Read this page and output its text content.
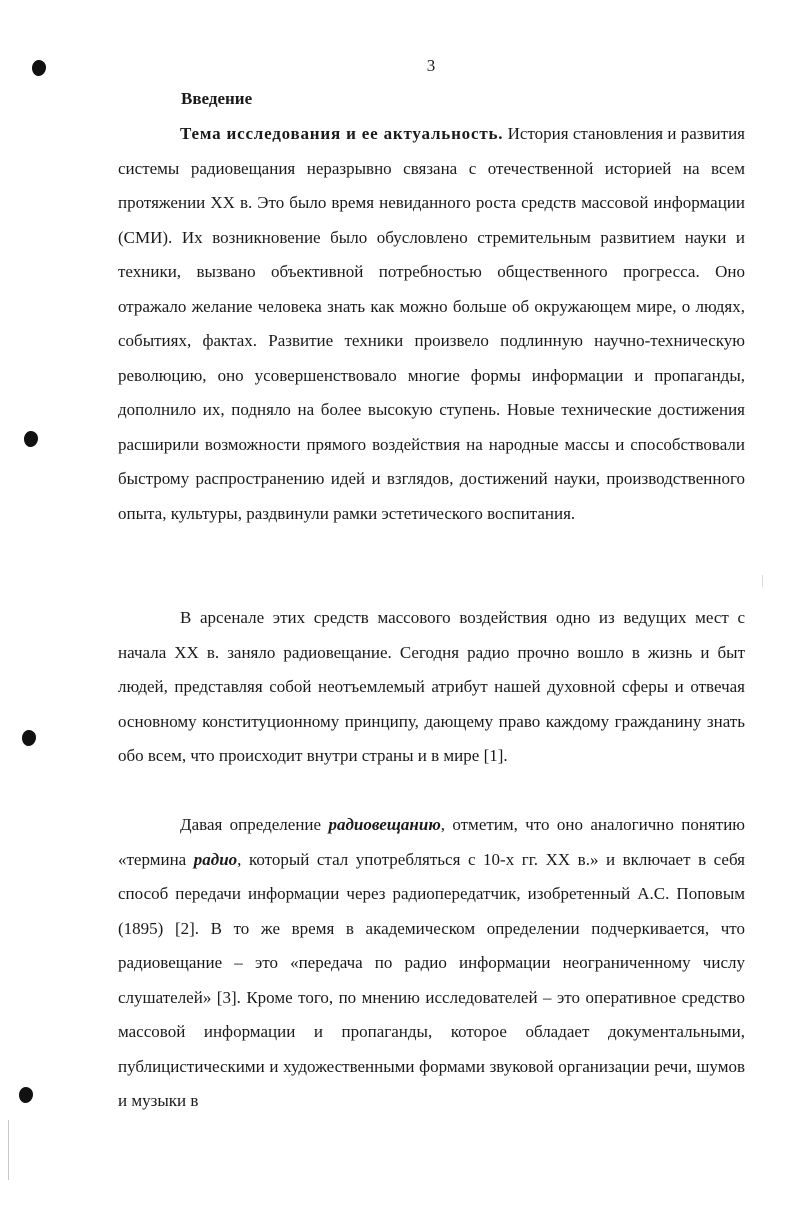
3
Введение

Тема исследования и ее актуальность. История становления и развития системы радиовещания неразрывно связана с отечественной историей на всем протяжении XX в. Это было время невиданного роста средств массовой информации (СМИ). Их возникновение было обусловлено стремительным развитием науки и техники, вызвано объективной потребностью общественного прогресса. Оно отражало желание человека знать как можно больше об окружающем мире, о людях, событиях, фактах. Развитие техники произвело подлинную научно-техническую революцию, оно усовершенствовало многие формы информации и пропаганды, дополнило их, подняло на более высокую ступень. Новые технические достижения расширили возможности прямого воздействия на народные массы и способствовали быстрому распространению идей и взглядов, достижений науки, производственного опыта, культуры, раздвинули рамки эстетического воспитания.

В арсенале этих средств массового воздействия одно из ведущих мест с начала XX в. заняло радиовещание. Сегодня радио прочно вошло в жизнь и быт людей, представляя собой неотъемлемый атрибут нашей духовной сферы и отвечая основному конституционному принципу, дающему право каждому гражданину знать обо всем, что происходит внутри страны и в мире [1].

Давая определение радиовещанию, отметим, что оно аналогично понятию «термина радио, который стал употребляться с 10-х гг. XX в.» и включает в себя способ передачи информации через радиопередатчик, изобретенный А.С. Поповым (1895) [2]. В то же время в академическом определении подчеркивается, что радиовещание – это «передача по радио информации неограниченному числу слушателей» [3]. Кроме того, по мнению исследователей – это оперативное средство массовой информации и пропаганды, которое обладает документальными, публицистическими и художественными формами звуковой организации речи, шумов и музыки в
